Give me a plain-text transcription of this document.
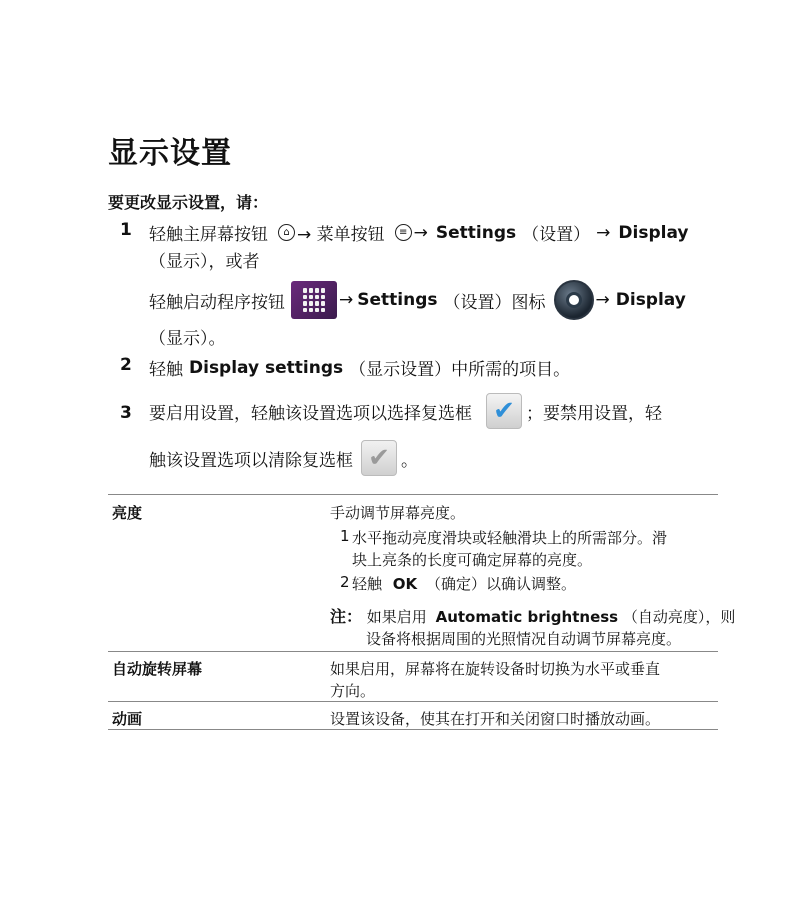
显示设置
要更改显示设置，请：
1 轻触主屏幕按钮	⌂ → 菜单按钮	≡ → Settings （设置） → Display
（显示），或者
轻触启动程序按钮	→ Settings （设置）图标	→ Display
（显示）。
2 轻触 Display settings （显示设置）中所需的项目。
3 要启用设置，轻触该设置选项以选择复选框 ✔ ；要禁用设置，轻
触该设置选项以清除复选框 ✔ 。
亮度	手动调节屏幕亮度。
1 水平拖动亮度滑块或轻触滑块上的所需部分。滑
块上亮条的长度可确定屏幕的亮度。
2 轻触 OK （确定）以确认调整。
注： 如果启用 Automatic brightness （自动亮度），则
设备将根据周围的光照情况自动调节屏幕亮度。
自动旋转屏幕	如果启用，屏幕将在旋转设备时切换为水平或垂直
方向。
动画	设置该设备，使其在打开和关闭窗口时播放动画。
